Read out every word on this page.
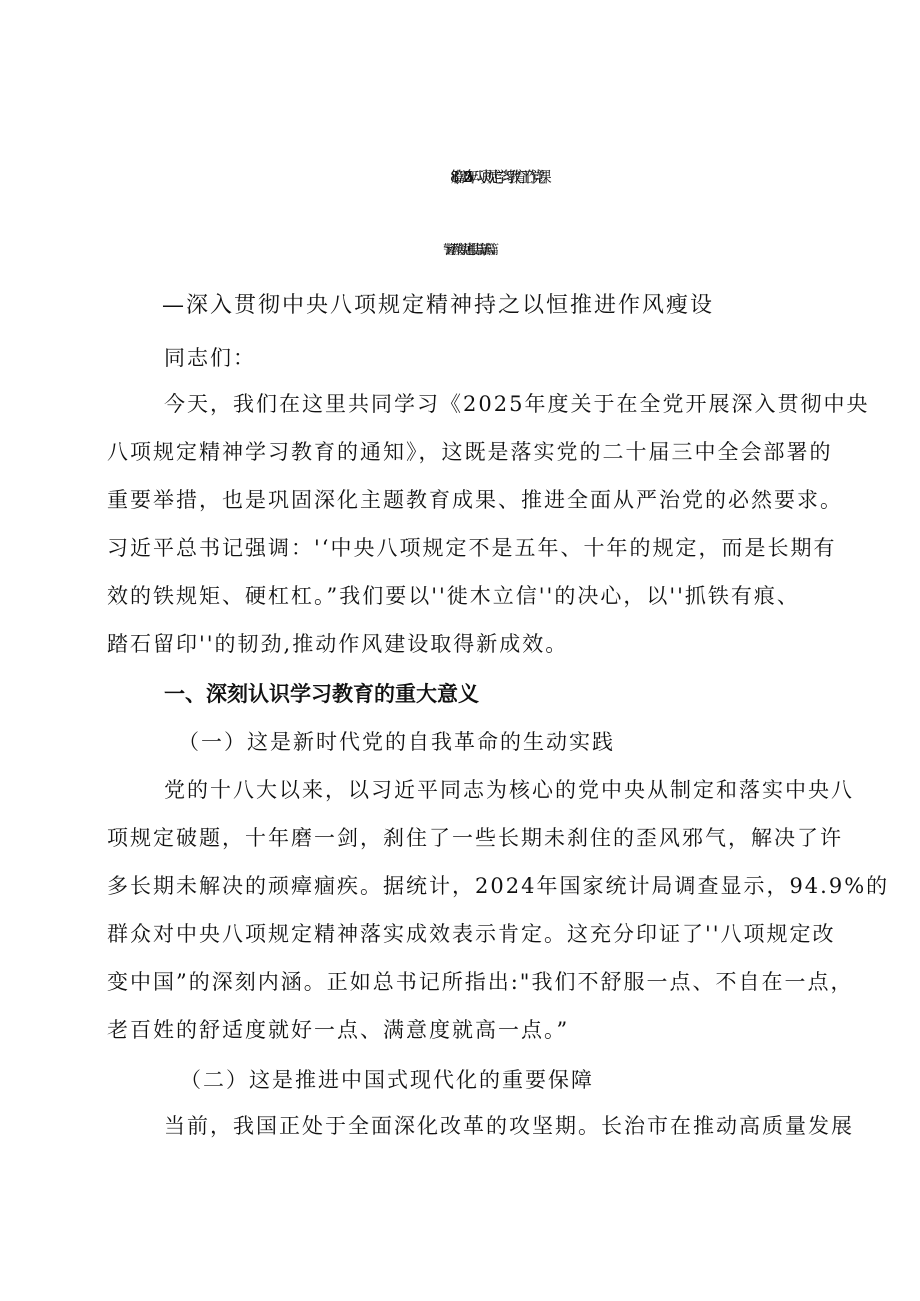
(8篇）2025年八项规定学习教育工作党课
r警示教育克通报告篇一,其八篇）
—深入贯彻中央八项规定精神持之以恒推进作风瘦设
同志们：
今天，我们在这里共同学习《2025年度关于在全党开展深入贯彻中央
八项规定精神学习教育的通知》，这既是落实党的二十届三中全会部署的
重要举措，也是巩固深化主题教育成果、推进全面从严治党的必然要求。
习近平总书记强调：'‘中央八项规定不是五年、十年的规定，而是长期有
效的铁规矩、硬杠杠。”我们要以''徙木立信''的决心，以''抓铁有痕、
踏石留印''的韧劲,推动作风建设取得新成效。
一、深刻认识学习教育的重大意义
（一）这是新时代党的自我革命的生动实践
党的十八大以来，以习近平同志为核心的党中央从制定和落实中央八
项规定破题，十年磨一剑，刹住了一些长期未刹住的歪风邪气，解决了许
多长期未解决的顽瘴痼疾。据统计，2024年国家统计局调查显示，94.9%的
群众对中央八项规定精神落实成效表示肯定。这充分印证了''八项规定改
变中国”的深刻内涵。正如总书记所指出:"我们不舒服一点、不自在一点，
老百姓的舒适度就好一点、满意度就高一点。”
（二）这是推进中国式现代化的重要保障
当前，我国正处于全面深化改革的攻坚期。长治市在推动高质量发展
